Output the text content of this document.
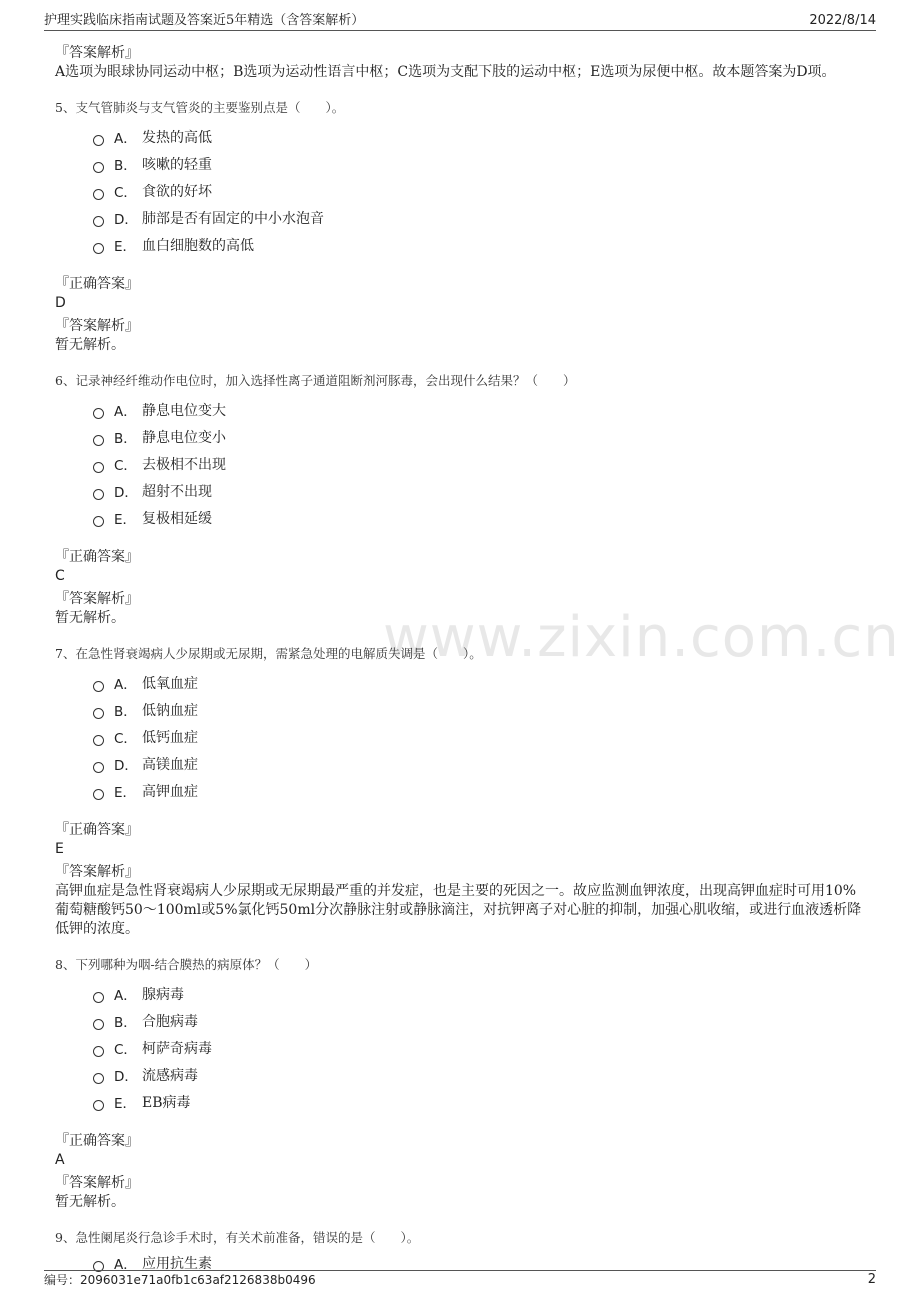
护理实践临床指南试题及答案近5年精选（含答案解析）	2022/8/14
www.zixin.com.cn

『答案解析』

A选项为眼球协同运动中枢；B选项为运动性语言中枢；C选项为支配下肢的运动中枢；E选项为尿便中枢。故本题答案为D项。

5、支气管肺炎与支气管炎的主要鉴别点是（　　）。

A． 发热的高低
B． 咳嗽的轻重
C． 食欲的好坏
D． 肺部是否有固定的中小水泡音
E． 血白细胞数的高低

『正确答案』

D

『答案解析』

暂无解析。

6、记录神经纤维动作电位时，加入选择性离子通道阻断剂河豚毒，会出现什么结果？（　　）

A． 静息电位变大
B． 静息电位变小
C． 去极相不出现
D． 超射不出现
E． 复极相延缓

『正确答案』

C

『答案解析』

暂无解析。

7、在急性肾衰竭病人少尿期或无尿期，需紧急处理的电解质失调是（　　）。

A． 低氧血症
B． 低钠血症
C． 低钙血症
D． 高镁血症
E． 高钾血症

『正确答案』

E

『答案解析』

高钾血症是急性肾衰竭病人少尿期或无尿期最严重的并发症，也是主要的死因之一。故应监测血钾浓度，出现高钾血症时可用10%葡萄糖酸钙50～100ml或5%氯化钙50ml分次静脉注射或静脉滴注，对抗钾离子对心脏的抑制，加强心肌收缩，或进行血液透析降低钾的浓度。

8、下列哪种为咽-结合膜热的病原体？（　　）

A． 腺病毒
B． 合胞病毒
C． 柯萨奇病毒
D． 流感病毒
E． EB病毒

『正确答案』

A

『答案解析』

暂无解析。

9、急性阑尾炎行急诊手术时，有关术前准备，错误的是（　　）。

A． 应用抗生素
编号：2096031e71a0fb1c63af2126838b0496	2
